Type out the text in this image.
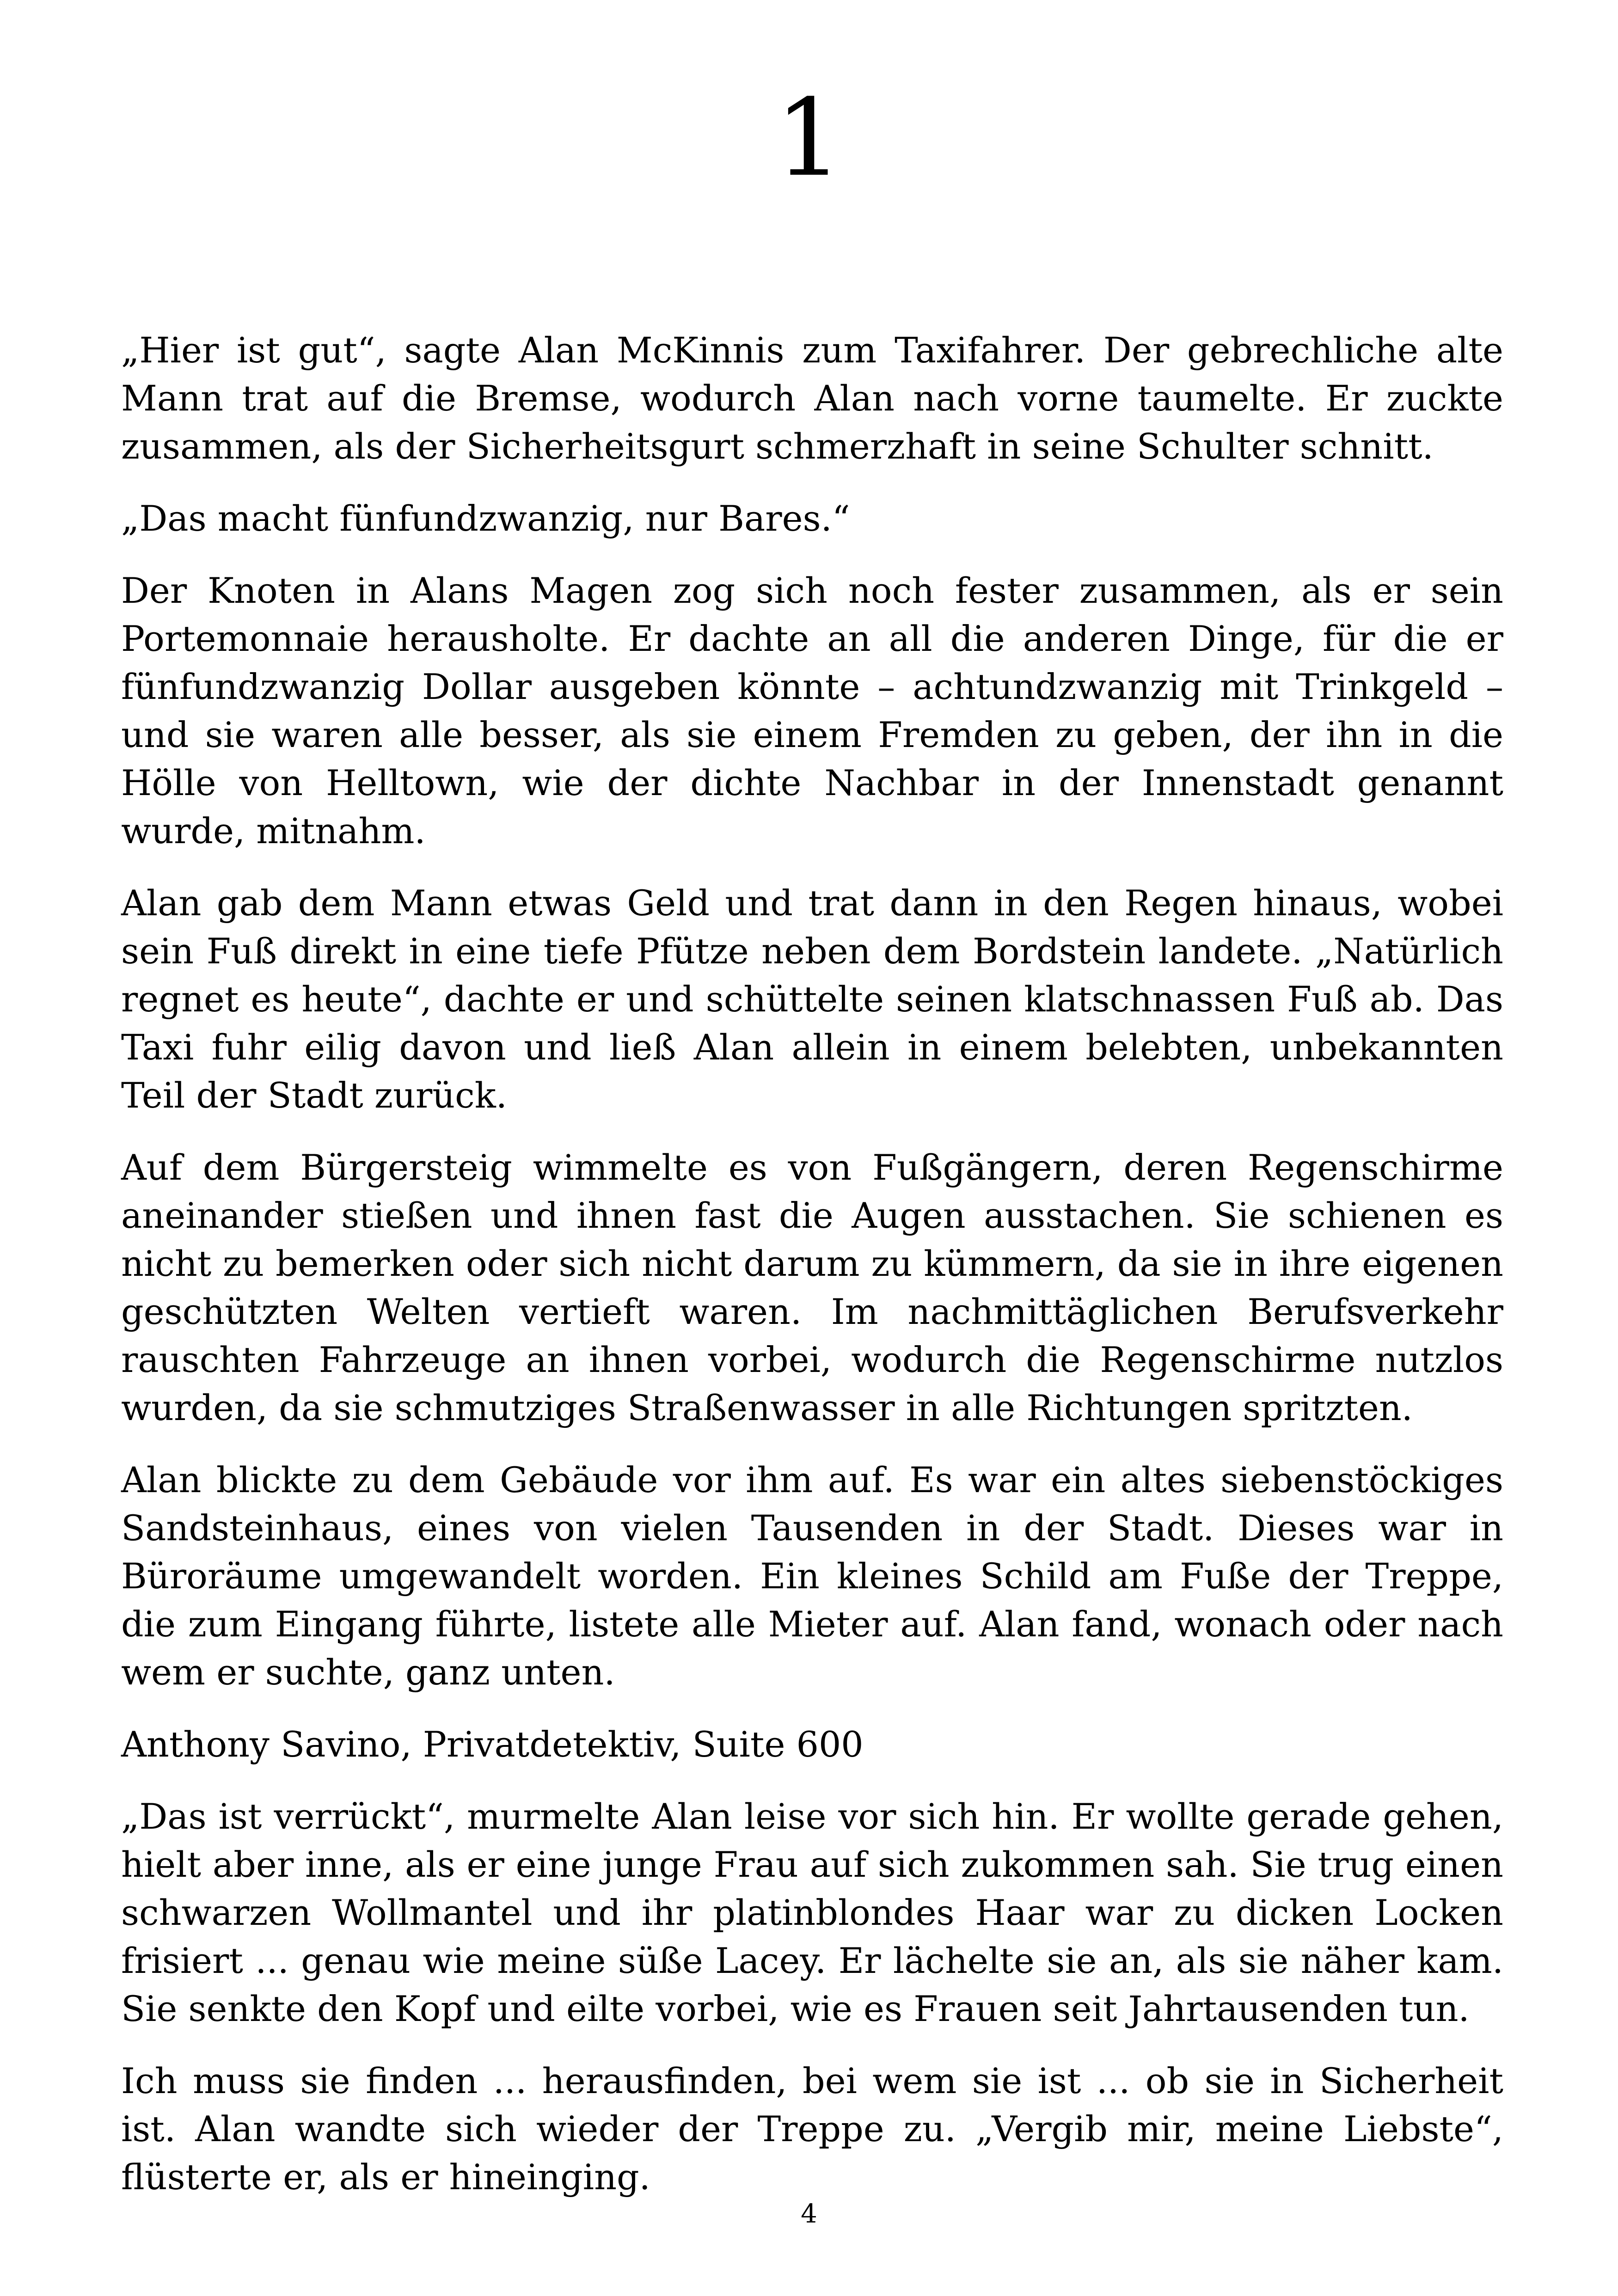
1

„Hier ist gut“, sagte Alan McKinnis zum Taxifahrer. Der gebrechliche alte Mann trat auf die Bremse, wodurch Alan nach vorne taumelte. Er zuckte zusammen, als der Sicherheitsgurt schmerzhaft in seine Schulter schnitt.

„Das macht fünfundzwanzig, nur Bares.“

Der Knoten in Alans Magen zog sich noch fester zusammen, als er sein Portemonnaie herausholte. Er dachte an all die anderen Dinge, für die er fünfundzwanzig Dollar ausgeben könnte – achtundzwanzig mit Trinkgeld – und sie waren alle besser, als sie einem Fremden zu geben, der ihn in die Hölle von Helltown, wie der dichte Nachbar in der Innenstadt genannt wurde, mitnahm.

Alan gab dem Mann etwas Geld und trat dann in den Regen hinaus, wobei sein Fuß direkt in eine tiefe Pfütze neben dem Bordstein landete. „Natürlich regnet es heute“, dachte er und schüttelte seinen klatschnassen Fuß ab. Das Taxi fuhr eilig davon und ließ Alan allein in einem belebten, unbekannten Teil der Stadt zurück.

Auf dem Bürgersteig wimmelte es von Fußgängern, deren Regenschirme aneinander stießen und ihnen fast die Augen ausstachen. Sie schienen es nicht zu bemerken oder sich nicht darum zu kümmern, da sie in ihre eigenen geschützten Welten vertieft waren. Im nachmittäglichen Berufsverkehr rauschten Fahrzeuge an ihnen vorbei, wodurch die Regenschirme nutzlos wurden, da sie schmutziges Straßenwasser in alle Richtungen spritzten.

Alan blickte zu dem Gebäude vor ihm auf. Es war ein altes siebenstöckiges Sandsteinhaus, eines von vielen Tausenden in der Stadt. Dieses war in Büroräume umgewandelt worden. Ein kleines Schild am Fuße der Treppe, die zum Eingang führte, listete alle Mieter auf. Alan fand, wonach oder nach wem er suchte, ganz unten.

Anthony Savino, Privatdetektiv, Suite 600

„Das ist verrückt“, murmelte Alan leise vor sich hin. Er wollte gerade gehen, hielt aber inne, als er eine junge Frau auf sich zukommen sah. Sie trug einen schwarzen Wollmantel und ihr platinblondes Haar war zu dicken Locken frisiert ... genau wie meine süße Lacey. Er lächelte sie an, als sie näher kam. Sie senkte den Kopf und eilte vorbei, wie es Frauen seit Jahrtausenden tun.

Ich muss sie finden ... herausfinden, bei wem sie ist ... ob sie in Sicherheit ist. Alan wandte sich wieder der Treppe zu. „Vergib mir, meine Liebste“, flüsterte er, als er hineinging.

4
